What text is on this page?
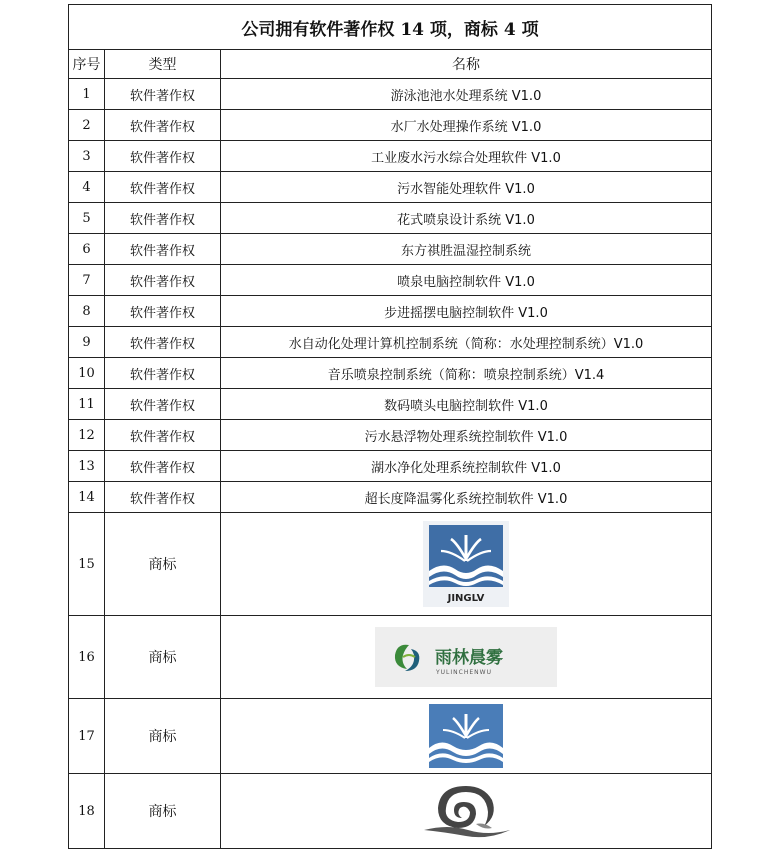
公司拥有软件著作权 14 项，商标 4 项		
序号	类型	名称
1	软件著作权	游泳池池水处理系统 V1.0
2	软件著作权	水厂水处理操作系统 V1.0
3	软件著作权	工业废水污水综合处理软件 V1.0
4	软件著作权	污水智能处理软件 V1.0
5	软件著作权	花式喷泉设计系统 V1.0
6	软件著作权	东方祺胜温湿控制系统
7	软件著作权	喷泉电脑控制软件 V1.0
8	软件著作权	步进摇摆电脑控制软件 V1.0
9	软件著作权	水自动化处理计算机控制系统（简称：水处理控制系统）V1.0
10	软件著作权	音乐喷泉控制系统（简称：喷泉控制系统）V1.4
11	软件著作权	数码喷头电脑控制软件 V1.0
12	软件著作权	污水悬浮物处理系统控制软件 V1.0
13	软件著作权	湖水净化处理系统控制软件 V1.0
14	软件著作权	超长度降温雾化系统控制软件 V1.0
15	商标	JINGLV

16	商标	雨林晨雾
YULINCHENWU

17	商标	

18	商标	
